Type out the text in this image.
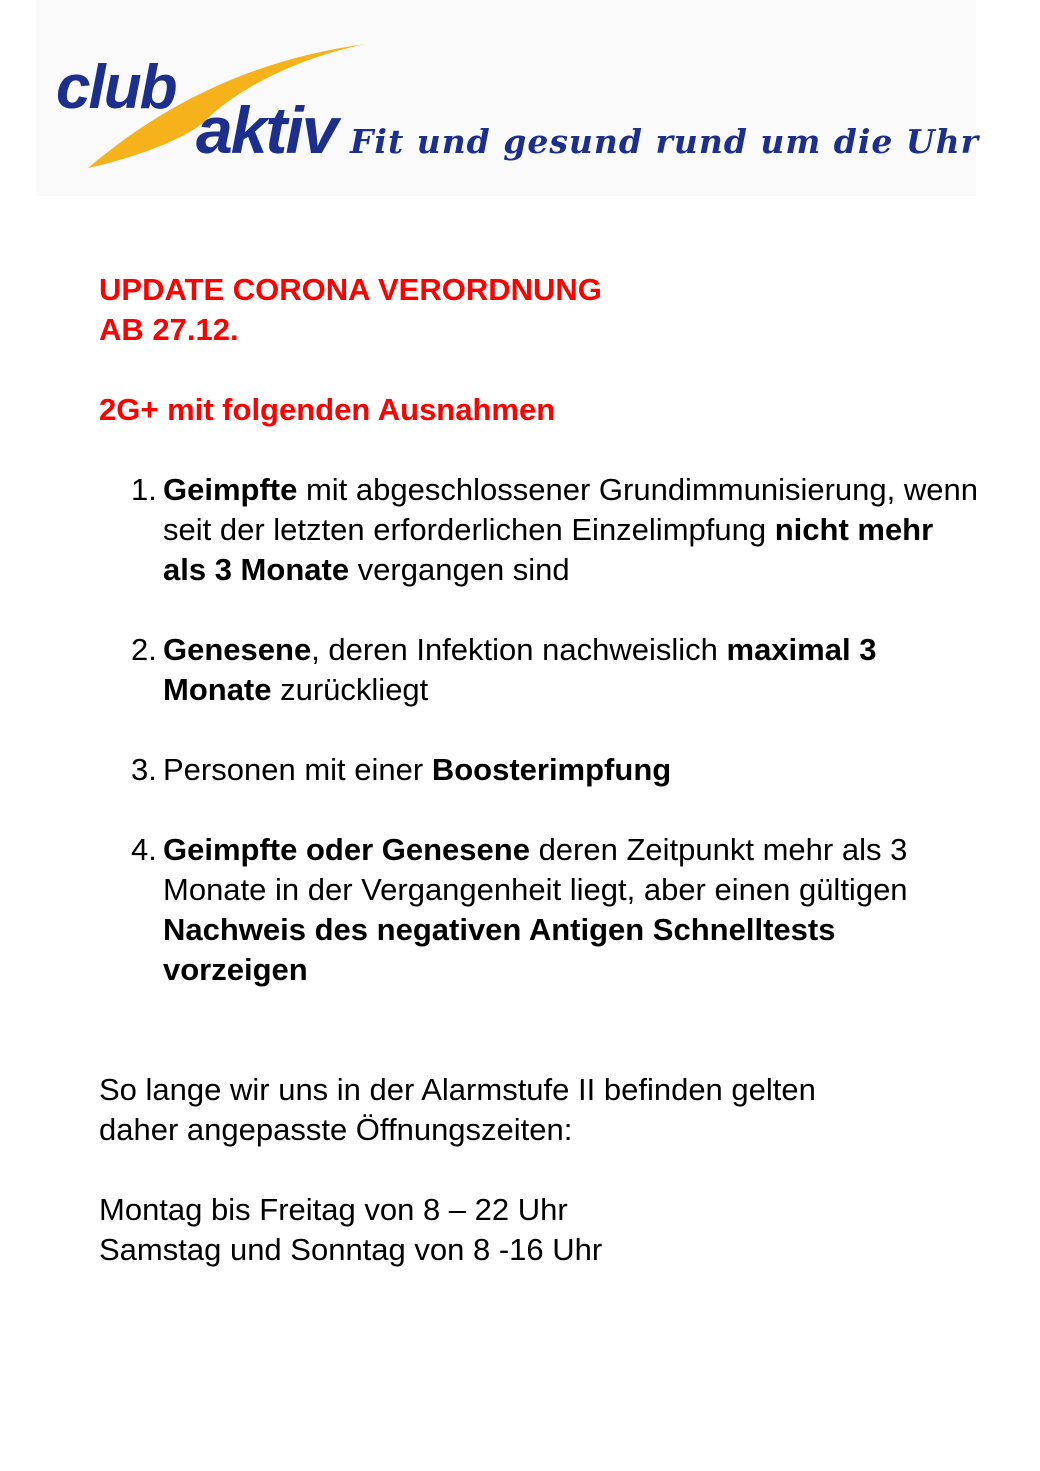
club
aktiv Fit und gesund rund um die Uhr
UPDATE CORONA VERORDNUNG
AB 27.12.
2G+ mit folgenden Ausnahmen
1. Geimpfte mit abgeschlossener Grundimmunisierung, wenn seit der letzten erforderlichen Einzelimpfung nicht mehr als 3 Monate vergangen sind
2. Genesene, deren Infektion nachweislich maximal 3 Monate zurückliegt
3. Personen mit einer Boosterimpfung
4. Geimpfte oder Genesene deren Zeitpunkt mehr als 3 Monate in der Vergangenheit liegt, aber einen gültigen Nachweis des negativen Antigen Schnelltests vorzeigen
So lange wir uns in der Alarmstufe II befinden gelten
daher angepasste Öffnungszeiten:
Montag bis Freitag von 8 – 22 Uhr
Samstag und Sonntag von 8 -16 Uhr
